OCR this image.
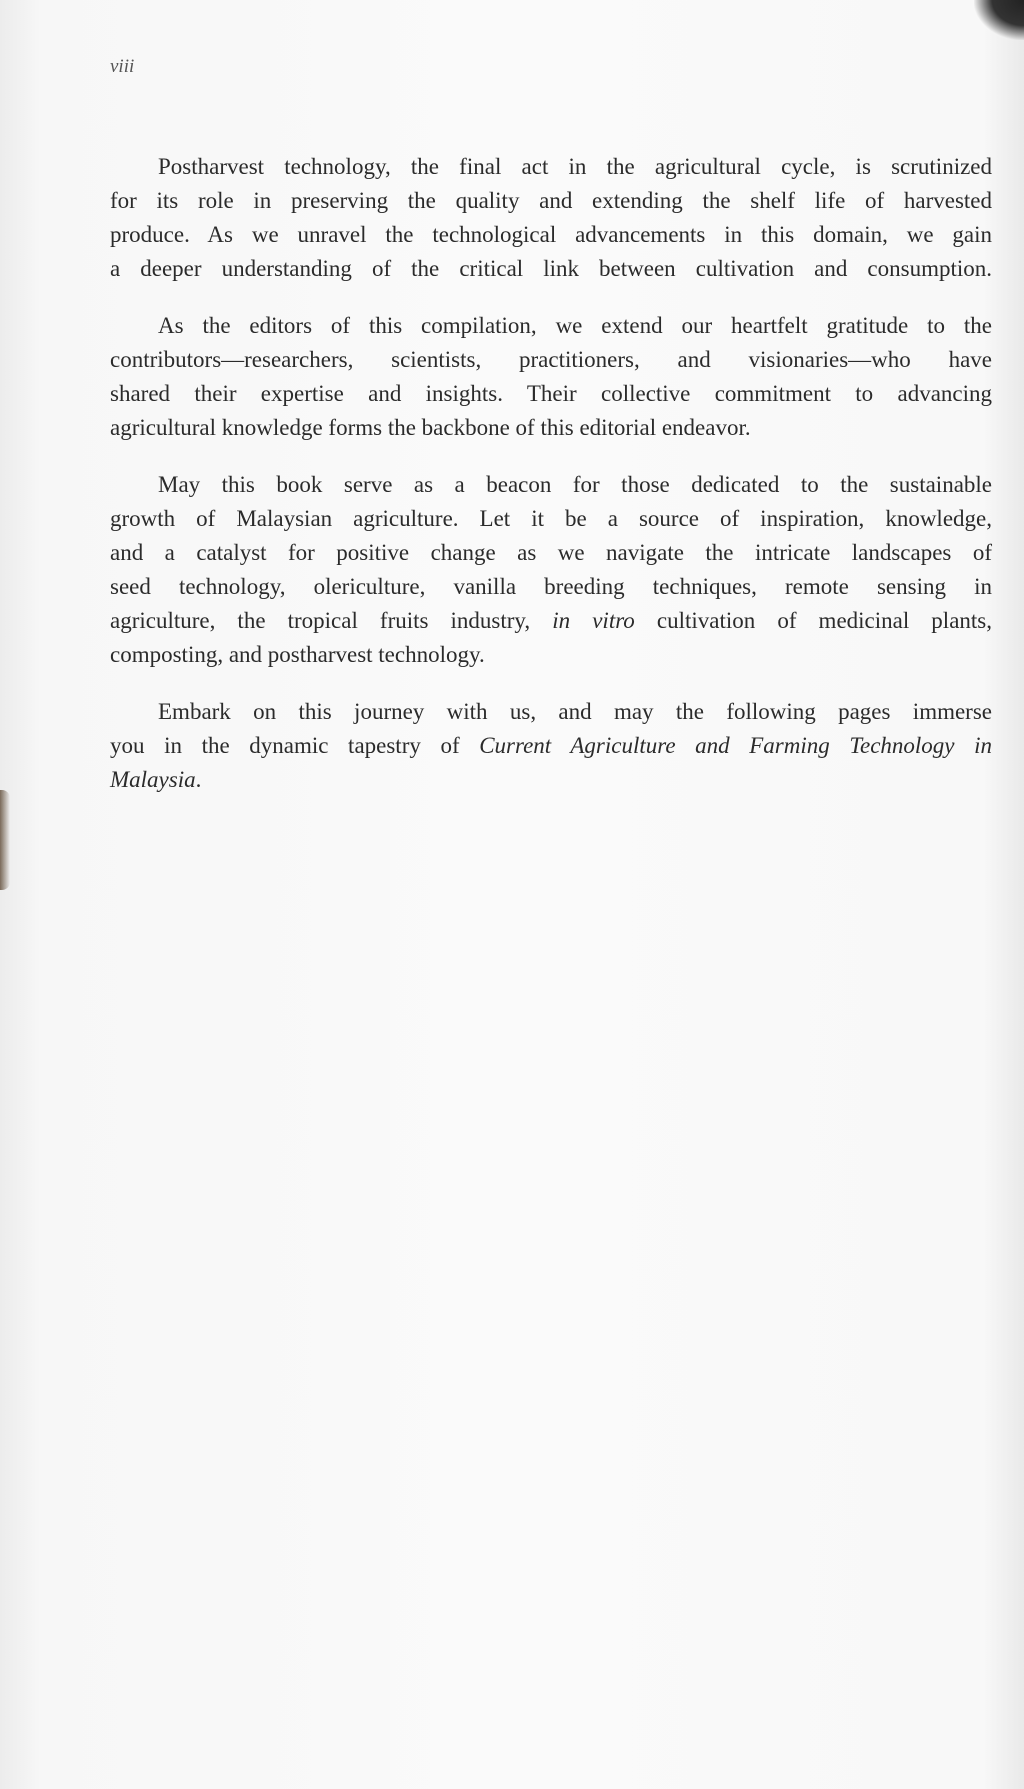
viii
Postharvest technology, the final act in the agricultural cycle, is scrutinized
for its role in preserving the quality and extending the shelf life of harvested
produce. As we unravel the technological advancements in this domain, we gain
a deeper understanding of the critical link between cultivation and consumption.
As the editors of this compilation, we extend our heartfelt gratitude to the
contributors—researchers, scientists, practitioners, and visionaries—who have
shared their expertise and insights. Their collective commitment to advancing
agricultural knowledge forms the backbone of this editorial endeavor.
May this book serve as a beacon for those dedicated to the sustainable
growth of Malaysian agriculture. Let it be a source of inspiration, knowledge,
and a catalyst for positive change as we navigate the intricate landscapes of
seed technology, olericulture, vanilla breeding techniques, remote sensing in
agriculture, the tropical fruits industry, in vitro cultivation of medicinal plants,
composting, and postharvest technology.
Embark on this journey with us, and may the following pages immerse
you in the dynamic tapestry of Current Agriculture and Farming Technology in
Malaysia.
